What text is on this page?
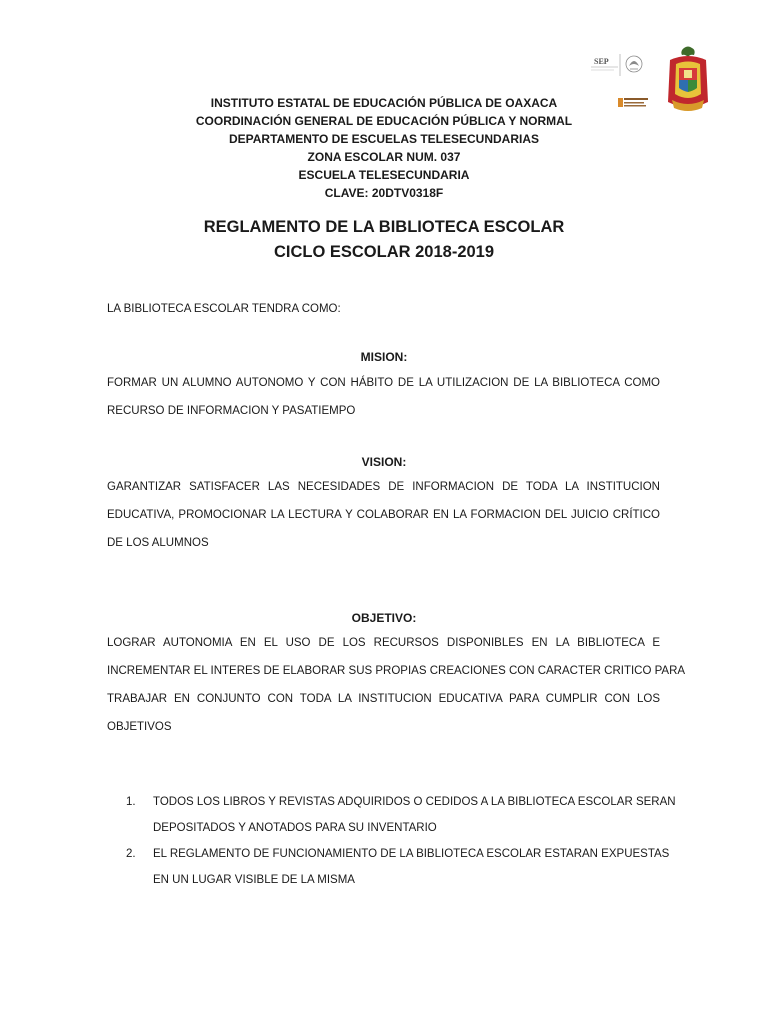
SEP
INSTITUTO ESTATAL DE EDUCACIÓN PÚBLICA DE OAXACA
COORDINACIÓN GENERAL DE EDUCACIÓN PÚBLICA Y NORMAL
DEPARTAMENTO DE ESCUELAS TELESECUNDARIAS
ZONA ESCOLAR NUM. 037
ESCUELA TELESECUNDARIA
CLAVE: 20DTV0318F
REGLAMENTO DE LA BIBLIOTECA ESCOLAR
CICLO ESCOLAR 2018-2019
LA BIBLIOTECA ESCOLAR TENDRA COMO:
MISION:
FORMAR UN ALUMNO AUTONOMO Y CON HÁBITO DE LA UTILIZACION DE LA BIBLIOTECA COMO
RECURSO DE INFORMACION Y PASATIEMPO
VISION:
GARANTIZAR SATISFACER LAS NECESIDADES DE INFORMACION DE TODA LA INSTITUCION
EDUCATIVA, PROMOCIONAR LA LECTURA Y COLABORAR EN LA FORMACION DEL JUICIO CRÍTICO
DE LOS ALUMNOS
OBJETIVO:
LOGRAR AUTONOMIA EN EL USO DE LOS RECURSOS DISPONIBLES EN LA BIBLIOTECA E
INCREMENTAR EL INTERES DE ELABORAR SUS PROPIAS CREACIONES CON CARACTER CRITICO PARA
TRABAJAR EN CONJUNTO CON TODA LA INSTITUCION EDUCATIVA PARA CUMPLIR CON LOS
OBJETIVOS
1. TODOS LOS LIBROS Y REVISTAS ADQUIRIDOS O CEDIDOS A LA BIBLIOTECA ESCOLAR SERAN
DEPOSITADOS Y ANOTADOS PARA SU INVENTARIO
2. EL REGLAMENTO DE FUNCIONAMIENTO DE LA BIBLIOTECA ESCOLAR ESTARAN EXPUESTAS
EN UN LUGAR VISIBLE DE LA MISMA
